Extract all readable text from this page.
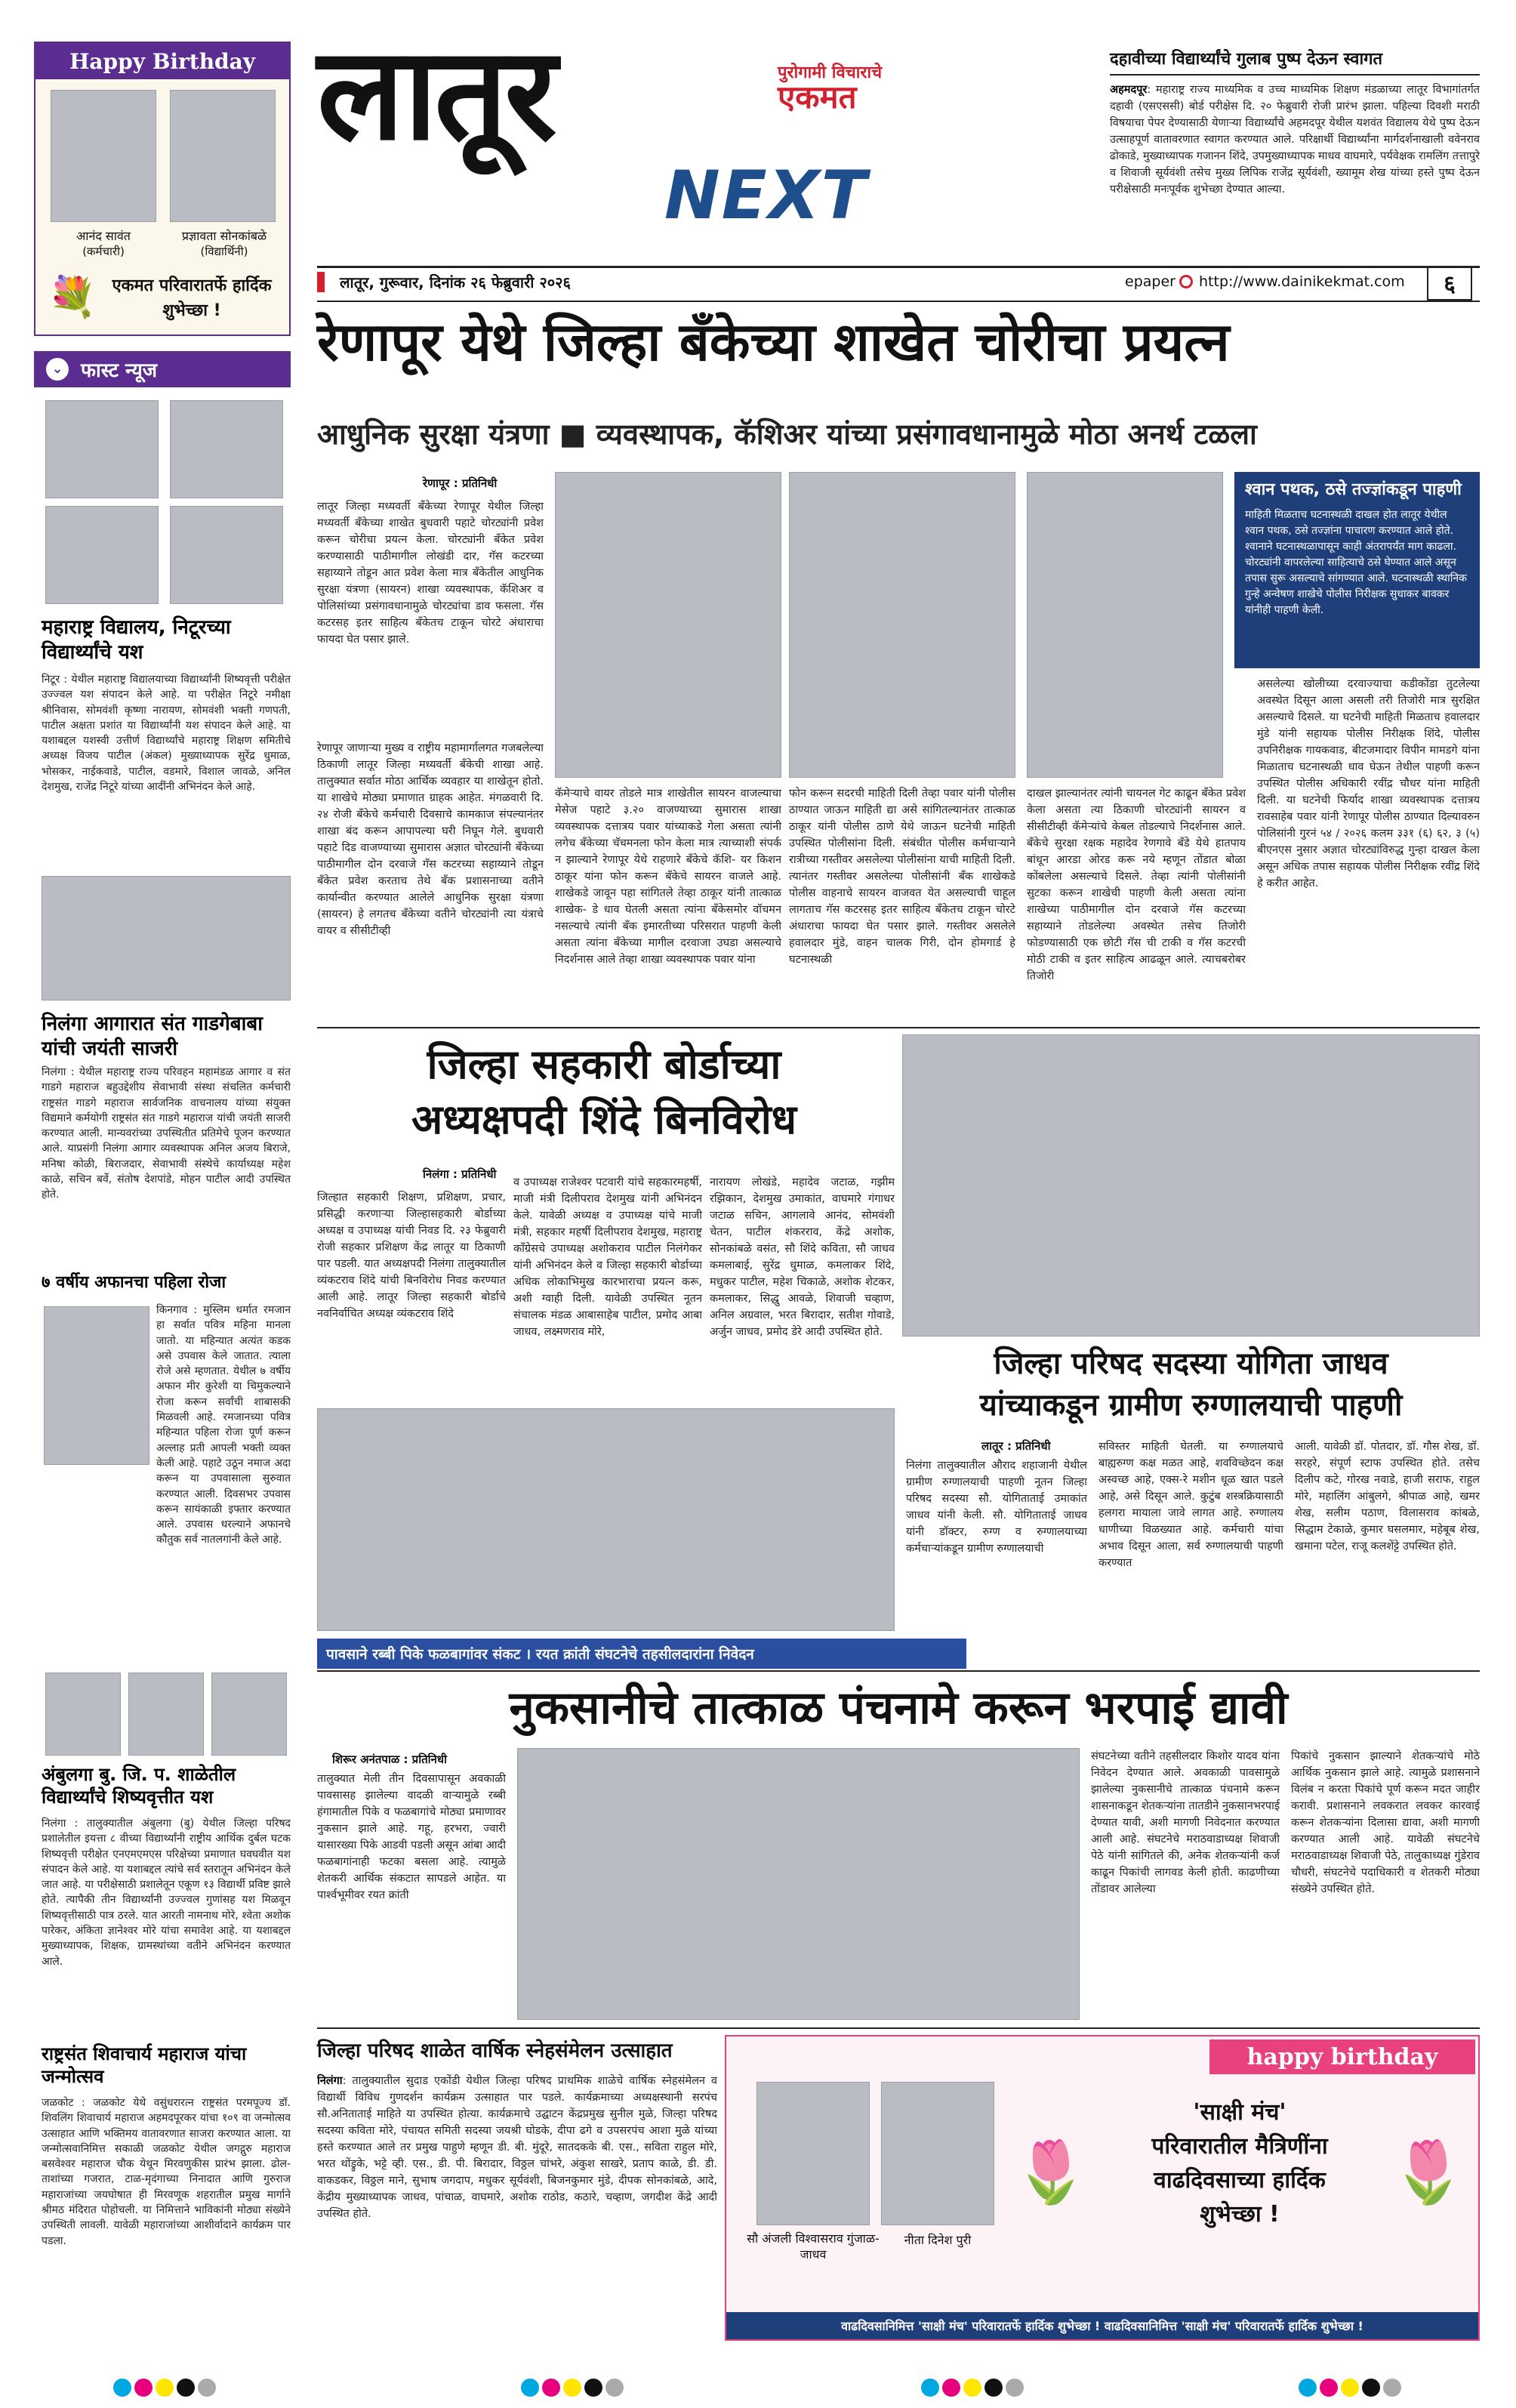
Happy Birthday
आनंद सावंत
(कर्मचारी)
प्रज्ञावता सोनकांबळे
(विद्यार्थिनी)
💐 एकमत परिवारातर्फे हार्दिक शुभेच्छा !
⌄ फास्ट न्यूज
महाराष्ट्र विद्यालय, निटूरच्या विद्यार्थ्यांचे यश
निटूर : येथील महाराष्ट्र विद्यालयाच्या विद्यार्थ्यांनी शिष्यवृत्ती परीक्षेत उज्ज्वल यश संपादन केले आहे. या परीक्षेत निटूरे नमीक्षा श्रीनिवास, सोमवंशी कृष्णा नारायण, सोमवंशी भक्ती गणपती, पाटील अक्षता प्रशांत या विद्यार्थ्यांनी यश संपादन केले आहे. या यशाबद्दल यशस्वी उत्तीर्ण विद्यार्थ्यांचे महाराष्ट्र शिक्षण समितीचे अध्यक्ष विजय पाटील (अंकल) मुख्याध्यापक सुरेंद्र धुमाळ, भोसकर, नाईकवाडे, पाटील, वडमारे, विशाल जावळे, अनिल देशमुख, राजेंद्र निटूरे यांच्या आदींनी अभिनंदन केले आहे.
निलंगा आगारात संत गाडगेबाबा यांची जयंती साजरी
निलंगा : येथील महाराष्ट्र राज्य परिवहन महामंडळ आगार व संत गाडगे महाराज बहुउद्देशीय सेवाभावी संस्था संचलित कर्मचारी राष्ट्रसंत गाडगे महाराज सार्वजनिक वाचनालय यांच्या संयुक्त विद्यमाने कर्मयोगी राष्ट्रसंत संत गाडगे महाराज यांची जयंती साजरी करण्यात आली. मान्यवरांच्या उपस्थितीत प्रतिमेचे पूजन करण्यात आले. याप्रसंगी निलंगा आगार व्यवस्थापक अनिल अजय बिराजे, मनिषा कोळी, बिराजदार, सेवाभावी संस्थेचे कार्याध्यक्ष महेश काळे, सचिन बर्वे, संतोष देशपांडे, मोहन पाटील आदी उपस्थित होते.
७ वर्षीय अफानचा पहिला रोजा
किनगाव : मुस्लिम धर्मात रमजान हा सर्वात पवित्र महिना मानला जातो. या महिन्यात अत्यंत कडक असे उपवास केले जातात. त्याला रोजे असे म्हणतात. येथील ७ वर्षीय अफान मीर कुरेशी या चिमुकल्याने रोजा करून सर्वांची शाबासकी मिळवली आहे. रमजानच्या पवित्र महिन्यात पहिला रोजा पूर्ण करून अल्लाह प्रती आपली भक्ती व्यक्त केली आहे. पहाटे उठून नमाज अदा करून या उपवासाला सुरुवात करण्यात आली. दिवसभर उपवास करून सायंकाळी इफ्तार करण्यात आले. उपवास धरल्याने अफानचे कौतुक सर्व नातलगांनी केले आहे.
अंबुलगा बु. जि. प. शाळेतील विद्यार्थ्यांचे शिष्यवृत्तीत यश
निलंगा : तालुक्यातील अंबुलगा (बु) येथील जिल्हा परिषद प्रशालेतील इयत्ता ८ वीच्या विद्यार्थ्यांनी राष्ट्रीय आर्थिक दुर्बल घटक शिष्यवृत्ती परीक्षेत एनएमएमएस परिक्षेच्या प्रमाणात घवघवीत यश संपादन केले आहे. या यशाबद्दल त्यांचे सर्व स्तरातून अभिनंदन केले जात आहे. या परीक्षेसाठी प्रशालेतून एकूण १३ विद्यार्थी प्रविष्ट झाले होते. त्यापैकी तीन विद्यार्थ्यांनी उज्ज्वल गुणांसह यश मिळवून शिष्यवृत्तीसाठी पात्र ठरले. यात आरती नामनाथ मोरे, श्वेता अशोक पारेकर, अंकिता ज्ञानेश्वर मोरे यांचा समावेश आहे. या यशाबद्दल मुख्याध्यापक, शिक्षक, ग्रामस्थांच्या वतीने अभिनंदन करण्यात आले.
राष्ट्रसंत शिवाचार्य महाराज यांचा जन्मोत्सव
जळकोट : जळकोट येथे वसुंधरारत्न राष्ट्रसंत परमपूज्य डॉ. शिवलिंग शिवाचार्य महाराज अहमदपूरकर यांचा १०९ वा जन्मोत्सव उत्साहात आणि भक्तिमय वातावरणात साजरा करण्यात आला. या जन्मोत्सवानिमित्त सकाळी जळकोट येथील जगद्गुरु महाराज बसवेश्वर महाराज चौक येथून मिरवणुकीस प्रारंभ झाला. ढोल-ताशांच्या गजरात, टाळ-मृदंगाच्या निनादात आणि गुरुराज महाराजांच्या जयघोषात ही मिरवणूक शहरातील प्रमुख मार्गाने श्रीमठ मंदिरात पोहोचली. या निमित्ताने भाविकांनी मोठ्या संख्येने उपस्थिती लावली. यावेळी महाराजांच्या आशीर्वादाने कार्यक्रम पार पडला.
लातूर	पुरोगामी विचाराचे
एकमत
NEXT
लातूर, गुरूवार, दिनांक २६ फेब्रुवारी २०२६	epaper http://www.dainikekmat.com	६
दहावीच्या विद्यार्थ्यांचे गुलाब पुष्प देऊन स्वागत
अहमदपूर: महाराष्ट्र राज्य माध्यमिक व उच्च माध्यमिक शिक्षण मंडळाच्या लातूर विभागांतर्गत दहावी (एसएससी) बोर्ड परीक्षेस दि. २० फेब्रुवारी रोजी प्रारंभ झाला. पहिल्या दिवशी मराठी विषयाचा पेपर देण्यासाठी येणाऱ्या विद्यार्थ्यांचे अहमदपूर येथील यशवंत विद्यालय येथे पुष्प देऊन उत्साहपूर्ण वातावरणात स्वागत करण्यात आले. परिक्षार्थी विद्यार्थ्यांना मार्गदर्शनाखाली ववेनराव ढोकाडे, मुख्याध्यापक गजानन शिंदे, उपमुख्याध्यापक माधव वाघमारे, पर्यवेक्षक रामलिंग तत्तापुरे व शिवाजी सूर्यवंशी तसेच मुख्य लिपिक राजेंद्र सूर्यवंशी, ख्यामूम शेख यांच्या हस्ते पुष्प देऊन परीक्षेसाठी मनःपूर्वक शुभेच्छा देण्यात आल्या.
रेणापूर येथे जिल्हा बँकेच्या शाखेत चोरीचा प्रयत्न
आधुनिक सुरक्षा यंत्रणा ■ व्यवस्थापक, कॅशिअर यांच्या प्रसंगावधानामुळे मोठा अनर्थ टळला
रेणापूर : प्रतिनिधी
लातूर जिल्हा मध्यवर्ती बँकेच्या रेणापूर येथील जिल्हा मध्यवर्ती बँकेच्या शाखेत बुधवारी पहाटे चोरट्यांनी प्रवेश करून चोरीचा प्रयत्न केला. चोरट्यांनी बँकेत प्रवेश करण्यासाठी पाठीमागील लोखंडी दार, गॅस कटरच्या सहाय्याने तोडून आत प्रवेश केला मात्र बँकेतील आधुनिक सुरक्षा यंत्रणा (सायरन) शाखा व्यवस्थापक, कॅशिअर व पोलिसांच्या प्रसंगावधानामुळे चोरट्यांचा डाव फसला. गॅस कटरसह इतर साहित्य बँकेतच टाकून चोरटे अंधाराचा फायदा घेत पसार झाले.
रेणापूर जाणाऱ्या मुख्य व राष्ट्रीय महामार्गालगत गजबलेल्या ठिकाणी लातूर जिल्हा मध्यवर्ती बँकेची शाखा आहे. तालुक्यात सर्वात मोठा आर्थिक व्यवहार या शाखेतून होतो. या शाखेचे मोठ्या प्रमाणात ग्राहक आहेत. मंगळवारी दि. २४ रोजी बँकेचे कर्मचारी दिवसाचे कामकाज संपल्यानंतर शाखा बंद करून आपापल्या घरी निघून गेले. बुधवारी पहाटे दिड वाजण्याच्या सुमारास अज्ञात चोरट्यांनी बँकेच्या पाठीमागील दोन दरवाजे गॅस कटरच्या सहाय्याने तोडून बँकेत प्रवेश करताच तेथे बँक प्रशासनाच्या वतीने कार्यान्वीत करण्यात आलेले आधुनिक सुरक्षा यंत्रणा (सायरन) हे लगतच बँकेच्या वतीने चोरट्यांनी त्या यंत्राचे वायर व सीसीटीव्ही
कॅमेऱ्याचे वायर तोडले मात्र शाखेतील सायरन वाजल्याचा मेसेज पहाटे ३.२० वाजण्याच्या सुमारास शाखा व्यवस्थापक दत्तात्रय पवार यांच्याकडे गेला असता त्यांनी लगेच बँकेच्या चॅचमनला फोन केला मात्र त्याच्याशी संपर्क न झाल्याने रेणापूर येथे राहणारे बँकेचे कॅशि- यर किशन ठाकूर यांना फोन करून बँकेचे सायरन वाजले आहे. शाखेकडे जावून पहा सांगितले तेव्हा ठाकूर यांनी तात्काळ शाखेक- डे धाव घेतली असता त्यांना बँकेसमोर वॉचमन नसल्याचे त्यांनी बँक इमारतीच्या परिसरात पाहणी केली असता त्यांना बँकेच्या मागील दरवाजा उघडा असल्याचे निदर्शनास आले तेव्हा शाखा व्यवस्थापक पवार यांना
फोन करून सदरची माहिती दिली तेव्हा पवार यांनी पोलीस ठाण्यात जाऊन माहिती द्या असे सांगितल्यानंतर तात्काळ ठाकूर यांनी पोलीस ठाणे येथे जाऊन घटनेची माहिती उपस्थित पोलीसांना दिली. संबंधीत पोलीस कर्मचाऱ्याने रात्रीच्या गस्तीवर असलेल्या पोलीसांना याची माहिती दिली. त्यानंतर गस्तीवर असलेल्या पोलीसांनी बँक शाखेकडे पोलीस वाहनाचे सायरन वाजवत येत असल्याची चाहूल लागताच गॅस कटरसह इतर साहित्य बँकेतच टाकून चोरटे अंधाराचा फायदा घेत पसार झाले. गस्तीवर असलेले हवालदार मुंडे, वाहन चालक गिरी, दोन होमगार्ड हे घटनास्थळी
दाखल झाल्यानंतर त्यांनी चायनल गेट काढून बँकेत प्रवेश केला असता त्या ठिकाणी चोरट्यांनी सायरन व सीसीटीव्ही कॅमेऱ्यांचे केबल तोडल्याचे निदर्शनास आले. बँकेचे सुरक्षा रक्षक महादेव रेणगावे बँडे येथे हातपाय बांधून आरडा ओरड करू नये म्हणून तोंडात बोळा कोंबलेला असल्याचे दिसले. तेव्हा त्यांनी पोलीसांनी सुटका करून शाखेची पाहणी केली असता त्यांना शाखेच्या पाठीमागील दोन दरवाजे गॅस कटरच्या सहाय्याने तोडलेल्या अवस्थेत तसेच तिजोरी फोडण्यासाठी एक छोटी गॅस ची टाकी व गॅस कटरची मोठी टाकी व इतर साहित्य आढळून आले. त्याचबरोबर तिजोरी
श्वान पथक, ठसे तज्ज्ञांकडून पाहणी
माहिती मिळताच घटनास्थळी दाखल होत लातूर येथील श्वान पथक, ठसे तज्ज्ञांना पाचारण करण्यात आले होते. श्वानाने घटनास्थळापासून काही अंतरापर्यंत माग काढला. चोरट्यांनी वापरलेल्या साहित्याचे ठसे घेण्यात आले असून तपास सुरू असल्याचे सांगण्यात आले. घटनास्थळी स्थानिक गुन्हे अन्वेषण शाखेचे पोलीस निरीक्षक सुधाकर बावकर यांनीही पाहणी केली.
असलेल्या खोलीच्या दरवाज्याचा कडीकोंडा तुटलेल्या अवस्थेत दिसून आला असली तरी तिजोरी मात्र सुरक्षित असल्याचे दिसले. या घटनेची माहिती मिळताच हवालदार मुंडे यांनी सहायक पोलीस निरीक्षक शिंदे, पोलीस उपनिरीक्षक गायकवाड, बीटजमादार विपीन मामडगे यांना मिळाताच घटनास्थळी धाव घेऊन तेथील पाहणी करून उपस्थित पोलीस अधिकारी रवींद्र चौधर यांना माहिती दिली. या घटनेची फिर्याद शाखा व्यवस्थापक दत्तात्रय रावसाहेब पवार यांनी रेणापूर पोलीस ठाण्यात दिल्यावरुन पोलिसांनी गुरनं ५४ / २०२६ कलम ३३१ (६) ६२, ३ (५) बीएनएस नुसार अज्ञात चोरट्यांविरुद्ध गुन्हा दाखल केला असून अधिक तपास सहायक पोलीस निरीक्षक रवींद्र शिंदे हे करीत आहेत.
जिल्हा सहकारी बोर्डाच्या
अध्यक्षपदी शिंदे बिनविरोध
निलंगा : प्रतिनिधी
जिल्हात सहकारी शिक्षण, प्रशिक्षण, प्रचार, प्रसिद्धी करणाऱ्या जिल्हासहकारी बोर्डाच्या अध्यक्ष व उपाध्यक्ष यांची निवड दि. २३ फेब्रुवारी रोजी सहकार प्रशिक्षण केंद्र लातूर या ठिकाणी पार पडली. यात अध्यक्षपदी निलंगा तालुक्यातील व्यंकटराव शिंदे यांची बिनविरोध निवड करण्यात आली आहे. लातूर जिल्हा सहकारी बोर्डाचे नवनिर्वाचित अध्यक्ष व्यंकटराव शिंदे
व उपाध्यक्ष राजेश्वर पटवारी यांचे सहकारमहर्षी, माजी मंत्री दिलीपराव देशमुख यांनी अभिनंदन केले. यावेळी अध्यक्ष व उपाध्यक्ष यांचे माजी मंत्री, सहकार महर्षी दिलीपराव देशमुख, महाराष्ट्र काँग्रेसचे उपाध्यक्ष अशोकराव पाटील निलंगेकर यांनी अभिनंदन केले व जिल्हा सहकारी बोर्डाच्या अधिक लोकाभिमुख कारभाराचा प्रयत्न करू, अशी ग्वाही दिली. यावेळी उपस्थित नूतन संचालक मंडळ आबासाहेब पाटील, प्रमोद आबा जाधव, लक्ष्मणराव मोरे,
नारायण लोखंडे, महादेव जटाळ, गझीम रझिकान, देशमुख उमाकांत, वाघमारे गंगाधर जटाळ सचिन, आगलावे आनंद, सोमवंशी चेतन, पाटील शंकरराव, केंद्रे अशोक, सोनकांबळे वसंत, सौ शिंदे कविता, सौ जाधव कमलाबाई, सुरेंद्र धुमाळ, कमलाकर शिंदे, मधुकर पाटील, महेश चिकाळे, अशोक शेटकर, कमलाकर, सिद्धु आवळे, शिवाजी चव्हाण, अनिल अग्रवाल, भरत बिरादार, सतीश गोवाडे, अर्जुन जाधव, प्रमोद डेरे आदी उपस्थित होते.
जिल्हा परिषद सदस्या योगिता जाधव
यांच्याकडून ग्रामीण रुग्णालयाची पाहणी
लातूर : प्रतिनिधी
निलंगा तालुक्यातील औराद शहाजानी येथील ग्रामीण रुग्णालयाची पाहणी नूतन जिल्हा परिषद सदस्या सौ. योगिताताई उमाकांत जाधव यांनी केली. सौ. योगिताताई जाधव यांनी डॉक्टर, रुग्ण व रुग्णालयाच्या कर्मचाऱ्यांकडून ग्रामीण रुग्णालयाची
सविस्तर माहिती घेतली. या रुग्णालयाचे बाह्यरुग्ण कक्ष मळत आहे, शवविच्छेदन कक्ष अस्वच्छ आहे, एक्स-रे मशीन धूळ खात पडले आहे, असे दिसून आले. कुटुंब शस्त्रक्रियासाठी हलगरा मायाला जावे लागत आहे. रुग्णालय धाणीच्या विळख्यात आहे. कर्मचारी यांचा अभाव दिसून आला, सर्व रुग्णालयाची पाहणी करण्यात
आली. यावेळी डॉ. पोतदार, डॉ. गौस शेख, डॉ. सरहरे, संपूर्ण स्टाफ उपस्थित होते. तसेच दिलीप कटे, गोरख नवाडे, हाजी सराफ, राहुल मोरे, महालिंग आंबुलगे, श्रीपाळ आहे, खमर शेख, सलीम पठाण, विलासराव कांबळे, सिद्धाम टेकाळे, कुमार घसलमार, महेबूब शेख, खमाना पटेल, राजू कलशेंट्टे उपस्थित होते.
पावसाने रब्बी पिके फळबागांवर संकट । रयत क्रांती संघटनेचे तहसीलदारांना निवेदन
नुकसानीचे तात्काळ पंचनामे करून भरपाई द्यावी
शिरूर अनंतपाळ : प्रतिनिधी
तालुक्यात मेली तीन दिवसापासून अवकाळी पावसासह झालेल्या वादळी वाऱ्यामुळे रब्बी हंगामातील पिके व फळबागांचे मोठ्या प्रमाणावर नुकसान झाले आहे. गहू, हरभरा, ज्वारी यासारख्या पिके आडवी पडली असून आंबा आदी फळबागांनाही फटका बसला आहे. त्यामुळे शेतकरी आर्थिक संकटात सापडले आहेत. या पार्श्वभूमीवर रयत क्रांती
संघटनेच्या वतीने तहसीलदार किशोर यादव यांना निवेदन देण्यात आले. अवकाळी पावसामुळे झालेल्या नुकसानीचे तात्काळ पंचनामे करून शासनाकडून शेतकऱ्यांना तातडीने नुकसानभरपाई देण्यात यावी, अशी मागणी निवेदनात करण्यात आली आहे. संघटनेचे मराठवाडाध्यक्ष शिवाजी पेठे यांनी सांगितले की, अनेक शेतकऱ्यांनी कर्ज काढून पिकांची लागवड केली होती. काढणीच्या तोंडावर आलेल्या
पिकांचे नुकसान झाल्याने शेतकऱ्यांचे मोठे आर्थिक नुकसान झाले आहे. त्यामुळे प्रशासनाने विलंब न करता पिकांचे पूर्ण करून मदत जाहीर करावी. प्रशासनाने लवकरात लवकर कारवाई करून शेतकऱ्यांना दिलासा द्यावा, अशी मागणी करण्यात आली आहे. यावेळी संघटनेचे मराठवाडाध्यक्ष शिवाजी पेठे, तालुकाध्यक्ष गुंडेराव चौधरी, संघटनेचे पदाधिकारी व शेतकरी मोठ्या संख्येने उपस्थित होते.
जिल्हा परिषद शाळेत वार्षिक स्नेहसंमेलन उत्साहात
निलंगा: तालुक्यातील सुदाड एकोंडी येथील जिल्हा परिषद प्राथमिक शाळेचे वार्षिक स्नेहसंमेलन व विद्यार्थी विविध गुणदर्शन कार्यक्रम उत्साहात पार पडले. कार्यक्रमाच्या अध्यक्षस्थानी सरपंच सौ.अनिताताई माहिते या उपस्थित होत्या. कार्यक्रमाचे उद्घाटन केंद्रप्रमुख सुनील मुळे, जिल्हा परिषद सदस्या कविता मोरे, पंचायत समिती सदस्या जयश्री घोडके, दीपा ढगे व उपसरपंच आशा मुळे यांच्या हस्ते करण्यात आले तर प्रमुख पाहुणे म्हणून डी. बी. मुंदूरे, सातदकके बी. एस., सविता राहुल मोरे, भरत थोंड्रुके, भट्टे व्ही. एस., डी. पी. बिरादार, विठ्ठल चांभरे, अंकुश साखरे, प्रताप काळे, डी. डी. वाकडकर, विठ्ठल माने, सुभाष जगदाप, मधुकर सूर्यवंशी, बिजनकुमार मुंडे, दीपक सोनकांबळे, आदे, केंद्रीय मुख्याध्यापक जाधव, पांचाळ, वाघमारे, अशोक राठोड, कठारे, चव्हाण, जगदीश केंद्रे आदी उपस्थित होते.
happy birthday
सौ अंजली विश्वासराव गुंजाळ-जाधव
नीता दिनेश पुरी
🌷	🌷
'साक्षी मंच'
परिवारातील मैत्रिणींना
वाढदिवसाच्या हार्दिक
शुभेच्छा !
वाढदिवसानिमित्त 'साक्षी मंच' परिवारातर्फे हार्दिक शुभेच्छा ! वाढदिवसानिमित्त 'साक्षी मंच' परिवारातर्फे हार्दिक शुभेच्छा !
